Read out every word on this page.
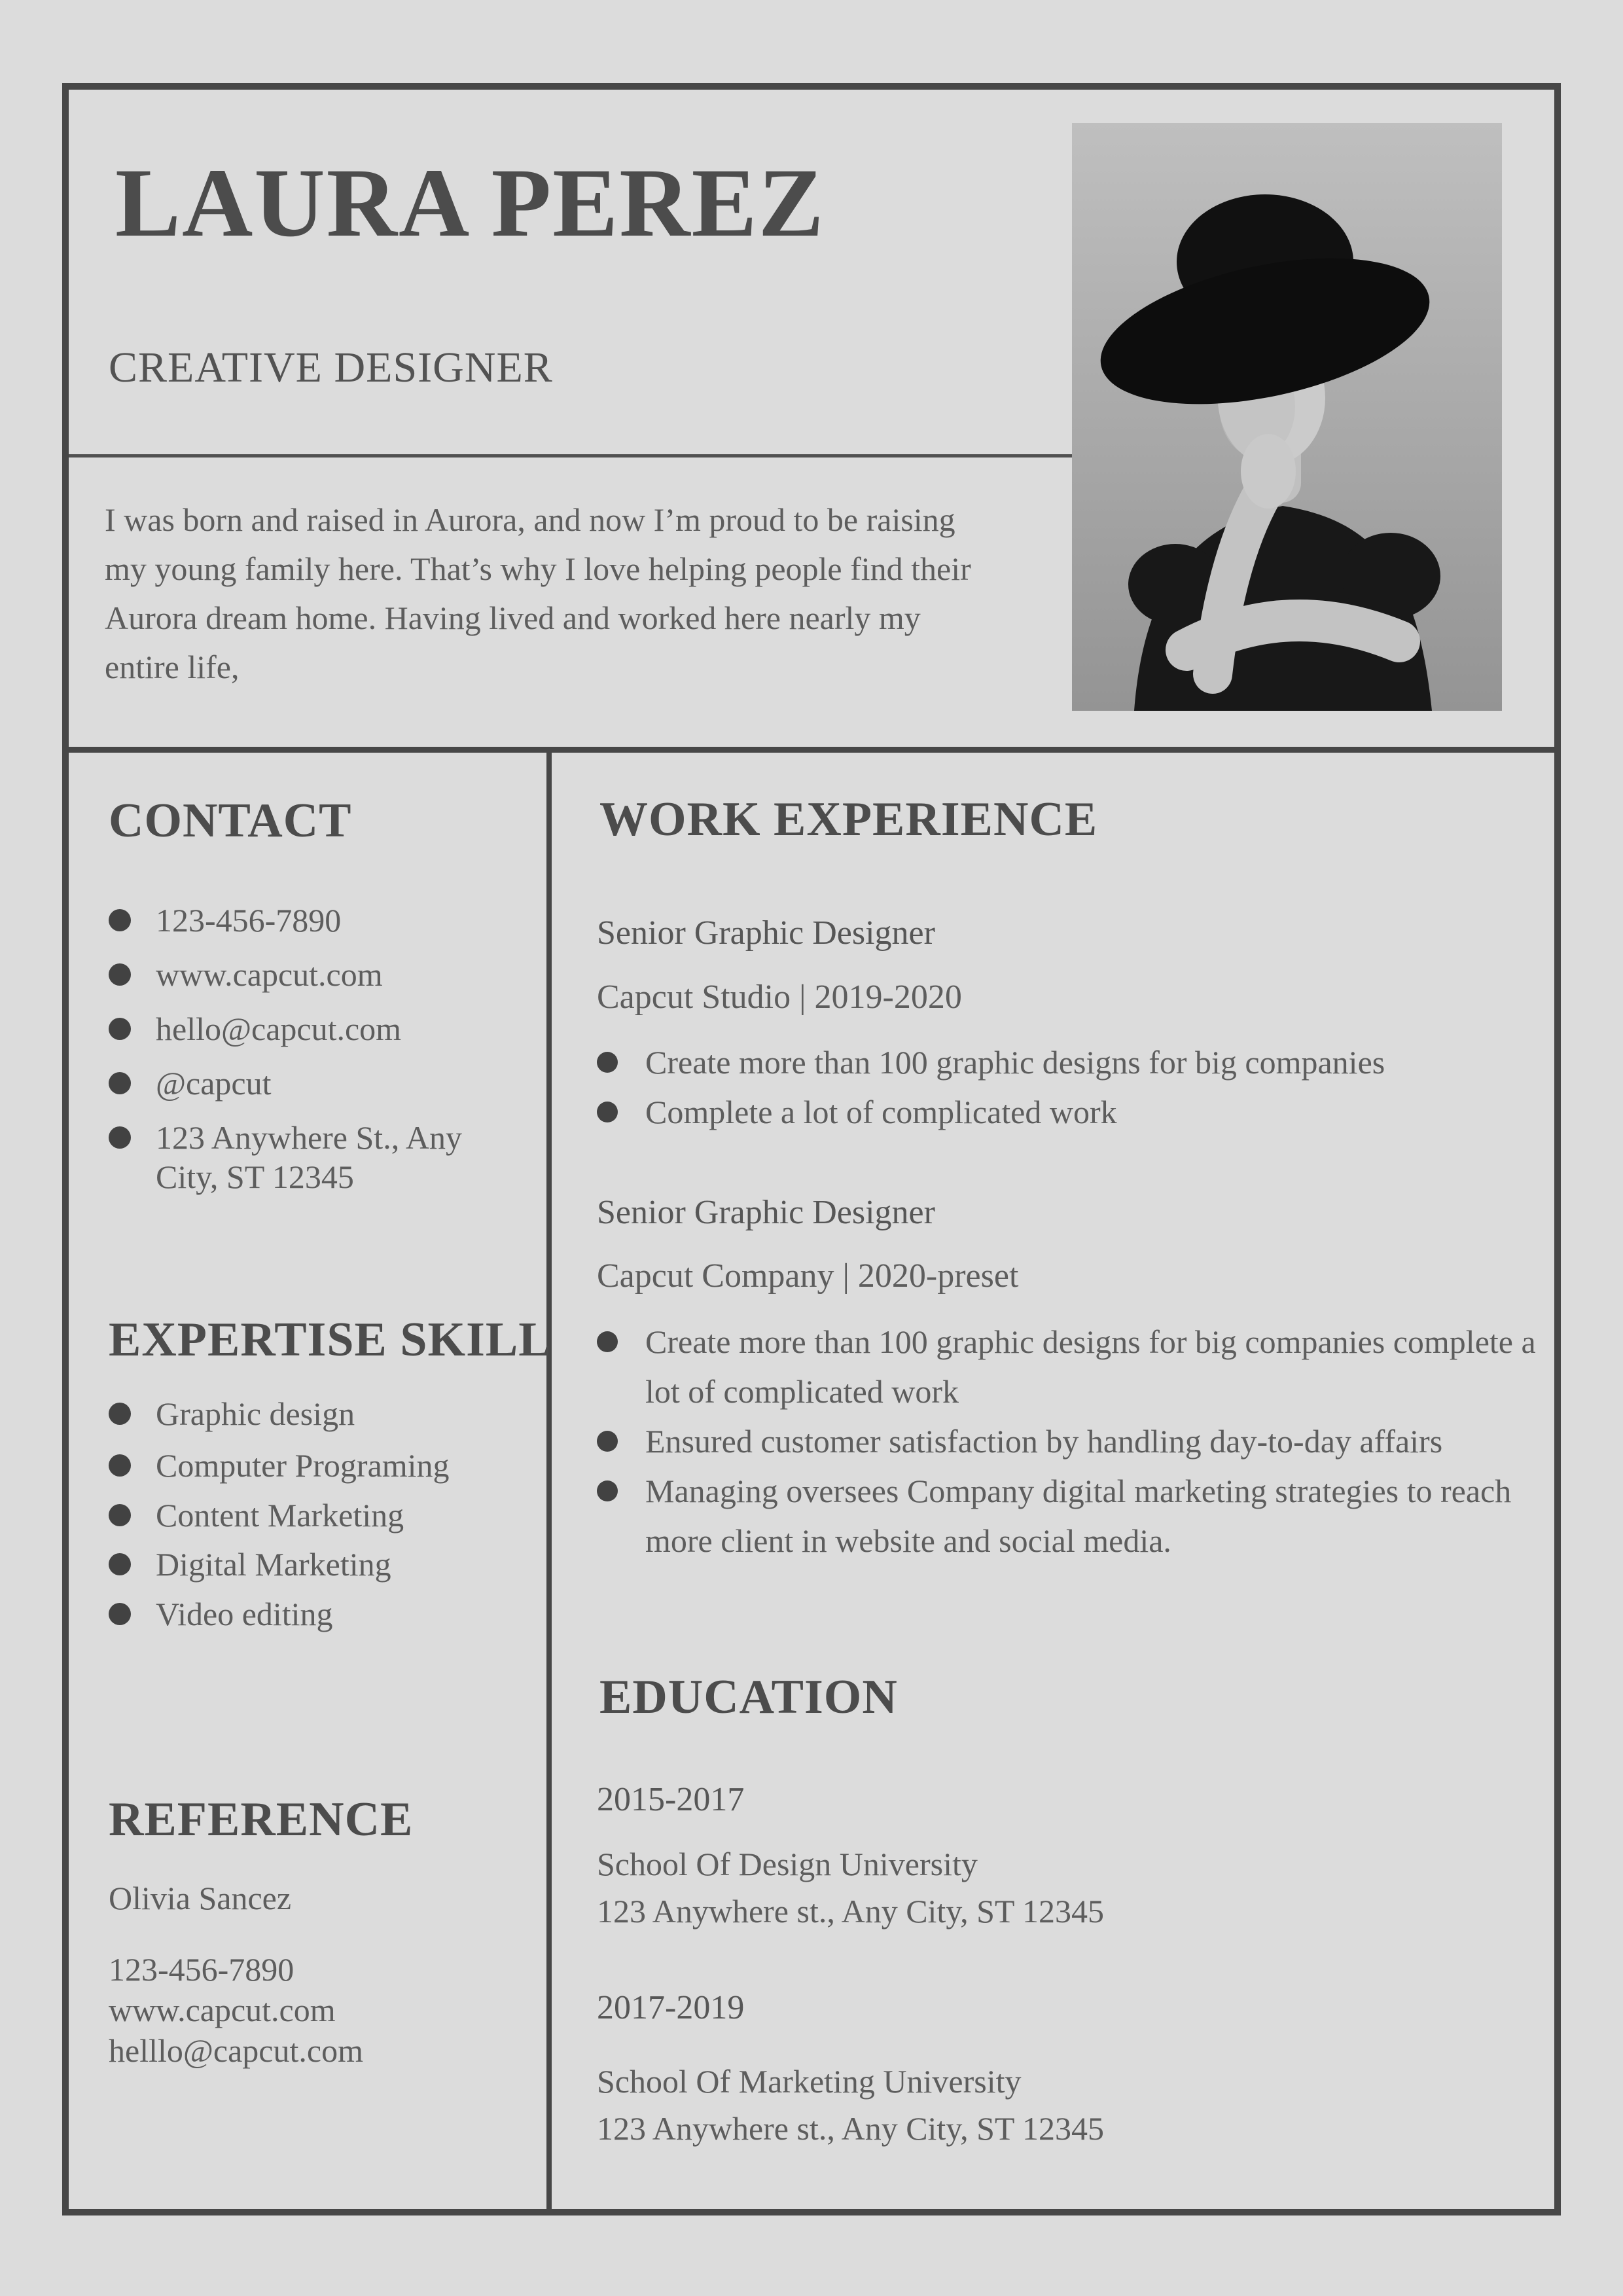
LAURA PEREZ
CREATIVE DESIGNER
I was born and raised in Aurora, and now I’m proud to be raising my young family here. That’s why I love helping people find their Aurora dream home. Having lived and worked here nearly my entire life,
CONTACT
123-456-7890
www.capcut.com
hello@capcut.com
@capcut
123 Anywhere St., Any City, ST 12345
EXPERTISE SKILL
Graphic design
Computer Programing
Content Marketing
Digital Marketing
Video editing
REFERENCE
Olivia Sancez
123-456-7890
www.capcut.com
helllo@capcut.com
WORK EXPERIENCE
Senior Graphic Designer
Capcut Studio | 2019-2020
Create more than 100 graphic designs for big companies
Complete a lot of complicated work
Senior Graphic Designer
Capcut Company | 2020-preset
Create more than 100 graphic designs for big companies complete a lot of complicated work
Ensured customer satisfaction by handling day-to-day affairs
Managing oversees Company digital marketing strategies to reach more client in website and social media.
EDUCATION
2015-2017
School Of Design University
123 Anywhere st., Any City, ST 12345
2017-2019
School Of Marketing University
123 Anywhere st., Any City, ST 12345
